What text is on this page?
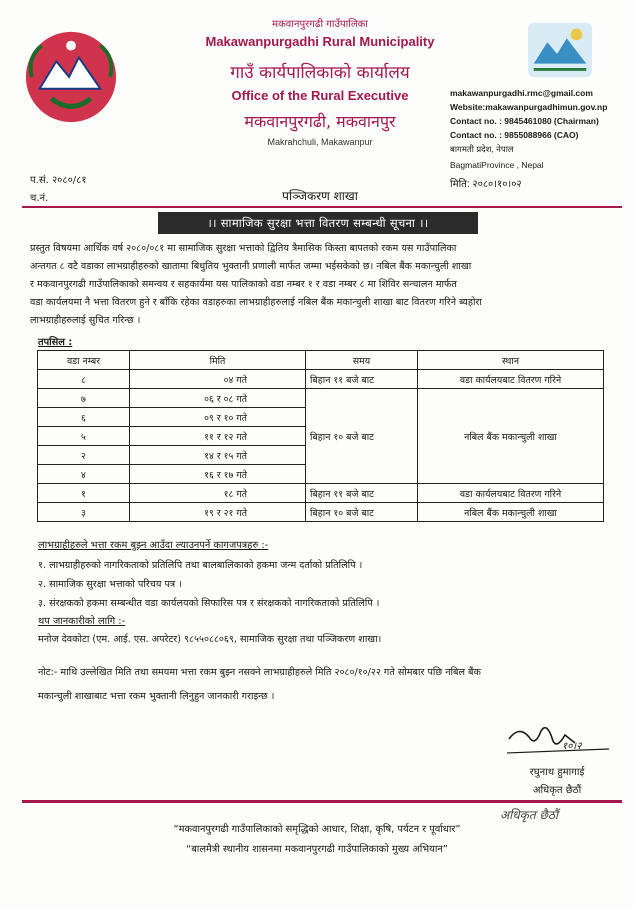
मकवानपुरगढी गाउँपालिका
Makawanpurgadhi Rural Municipality
गाउँ कार्यपालिकाको कार्यालय
Office of the Rural Executive
मकवानपुरगढी, मकवानपुर
Makrahchuli, Makawanpur
makawanpurgadhi.rmc@gmail.com
Website:makawanpurgadhimun.gov.np
Contact no. : 9845461080 (Chairman)
Contact no. : 9855088966 (CAO)
बागमती प्रदेश, नेपाल
BagmatiProvince , Nepal
मिति: २०८०।१०।०२
प.सं. २०८०/८१
च.नं.	पञ्जिकरण शाखा
।। सामाजिक सुरक्षा भत्ता वितरण सम्बन्धी सूचना ।।
प्रस्तुत विषयमा आर्थिक वर्ष २०८०/०८१ मा सामाजिक सुरक्षा भत्ताको द्वितिय त्रैमासिक किस्ता बापतको रकम यस गाउँपालिका
अन्तगत ८ वटै वडाका लाभग्राहीहरुको खाताम‍ा बिधुतिय भुक्तानी प्रणाली मार्फत जम्मा भईसकेको छ। नबिल बैंक मकान्चुली शाखा
र मकवानपुरगढी गाउँपालिकाको समन्वय र सहकार्यमा यस पालिकाको वडा नम्बर १ र वडा नम्बर ८ मा शिविर सन्चालन मार्फत
वडा कार्यलयमा नै भत्ता वितरण हुने र बाँकि रहेका वडाहरुका लाभग्राहीहरुलाई नबिल बैंक मकान्चुली शाखा बाट वितरण गरिने ब्यहोरा
लाभग्राहीहरुलाई सुचित गरिन्छ ।
तपसिल :
वडा नम्बर	मिति	समय	स्थान
८	०४ गते	बिहान ११ बजे बाट	वडा कार्यलयबाट वितरण गरिने
७	०६ र ०८ गते	बिहान १० बजे बाट	नबिल बैंक मकान्चुली शाखा
६	०९ र १० गते		
५	११ र १२ गते		
२	१४ र १५ गते		
४	१६ र १७ गते		
१	१८ गते	बिहान ११ बजे बाट	वडा कार्यलयबाट वितरण गरिने
३	१९ र २१ गते	बिहान १० बजे बाट	नबिल बैंक मकान्चुली शाखा
लाभग्राहीहरुले भत्ता रकम बुझ्न आउँदा ल्याउनपर्ने कागजपत्रहरु :-
१. लाभग्राहीहरुको नागरिकताको प्रतिलिपि तथा बालबालिकाको हकमा जन्म दर्ताको प्रतिलिपि ।
२. सामाजिक सुरक्षा भत्ताको परिचय पत्र ।
३. संरक्षकको हकमा सम्बन्धीत वडा कार्यलयको सिफारिस पत्र र संरक्षकको नागरिकताको प्रतिलिपि ।
थप जानकारीको लागि :-
मनोज देवकोटा (एम. आई. एस. अपरेटर) ९८५५०८८०६९, सामाजिक सुरक्षा तथा पञ्जिकरण शाखा।
नोट:- माथि उल्लेखित मिति तथा समयमा भत्ता रकम बुझ्न नसक्ने लाभग्राहीहरुले मिति २०८०/१०/२२ गते सोमबार पछि नबिल बैंक
मकान्चुली शाखाबाट भत्ता रकम भुक्तानी लिनुहुन जानकारी गराइन्छ ।
१०।२
रघुनाथ हुमागाई
अधिकृत छैठौं
अधिकृत छैठौं
“मकवानपुरगढी गाउँपालिकाको समृद्धिको आधार, शिक्षा, कृषि, पर्यटन र पूर्वाधार”
“बालमैत्री स्थानीय शासनमा मकवानपुरगढी गाउँपालिकाको मुख्य अभियान”
